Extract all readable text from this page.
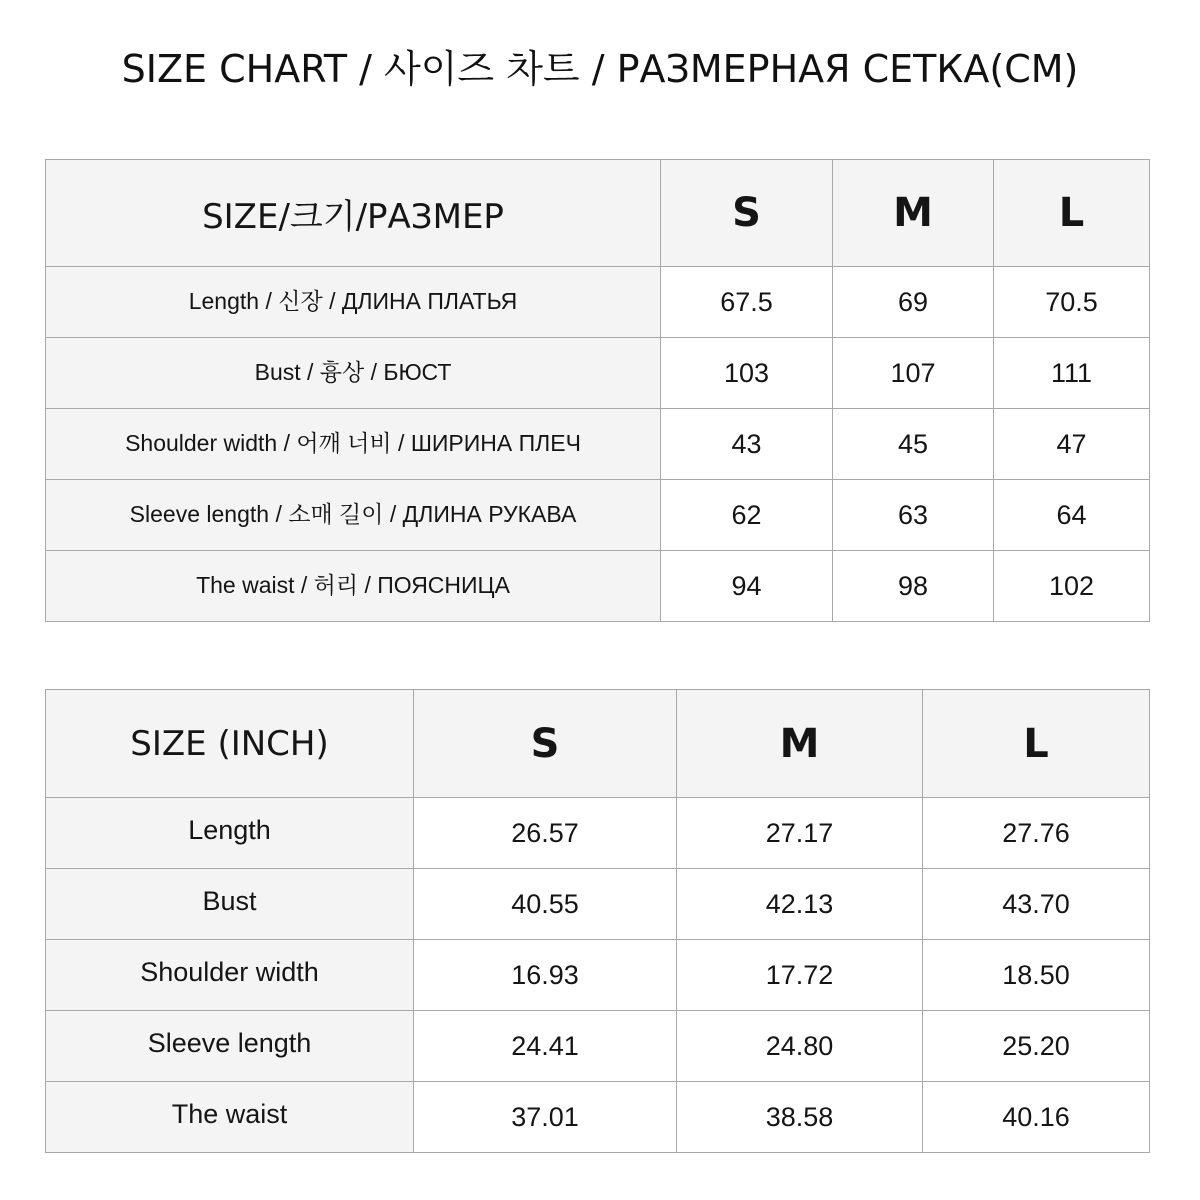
SIZE CHART / 사이즈 차트 / РАЗМЕРНАЯ СЕТКА(CM)
SIZE/크기/РАЗМЕР	S	M	L
Length / 신장 / ДЛИНА ПЛАТЬЯ	67.5	69	70.5
Bust / 흉상 / БЮСТ	103	107	111
Shoulder width / 어깨 너비 / ШИРИНА ПЛЕЧ	43	45	47
Sleeve length / 소매 길이 / ДЛИНА РУКАВА	62	63	64
The waist / 허리 / ПОЯСНИЦА	94	98	102
SIZE (INCH)	S	M	L
Length	26.57	27.17	27.76
Bust	40.55	42.13	43.70
Shoulder width	16.93	17.72	18.50
Sleeve length	24.41	24.80	25.20
The waist	37.01	38.58	40.16
